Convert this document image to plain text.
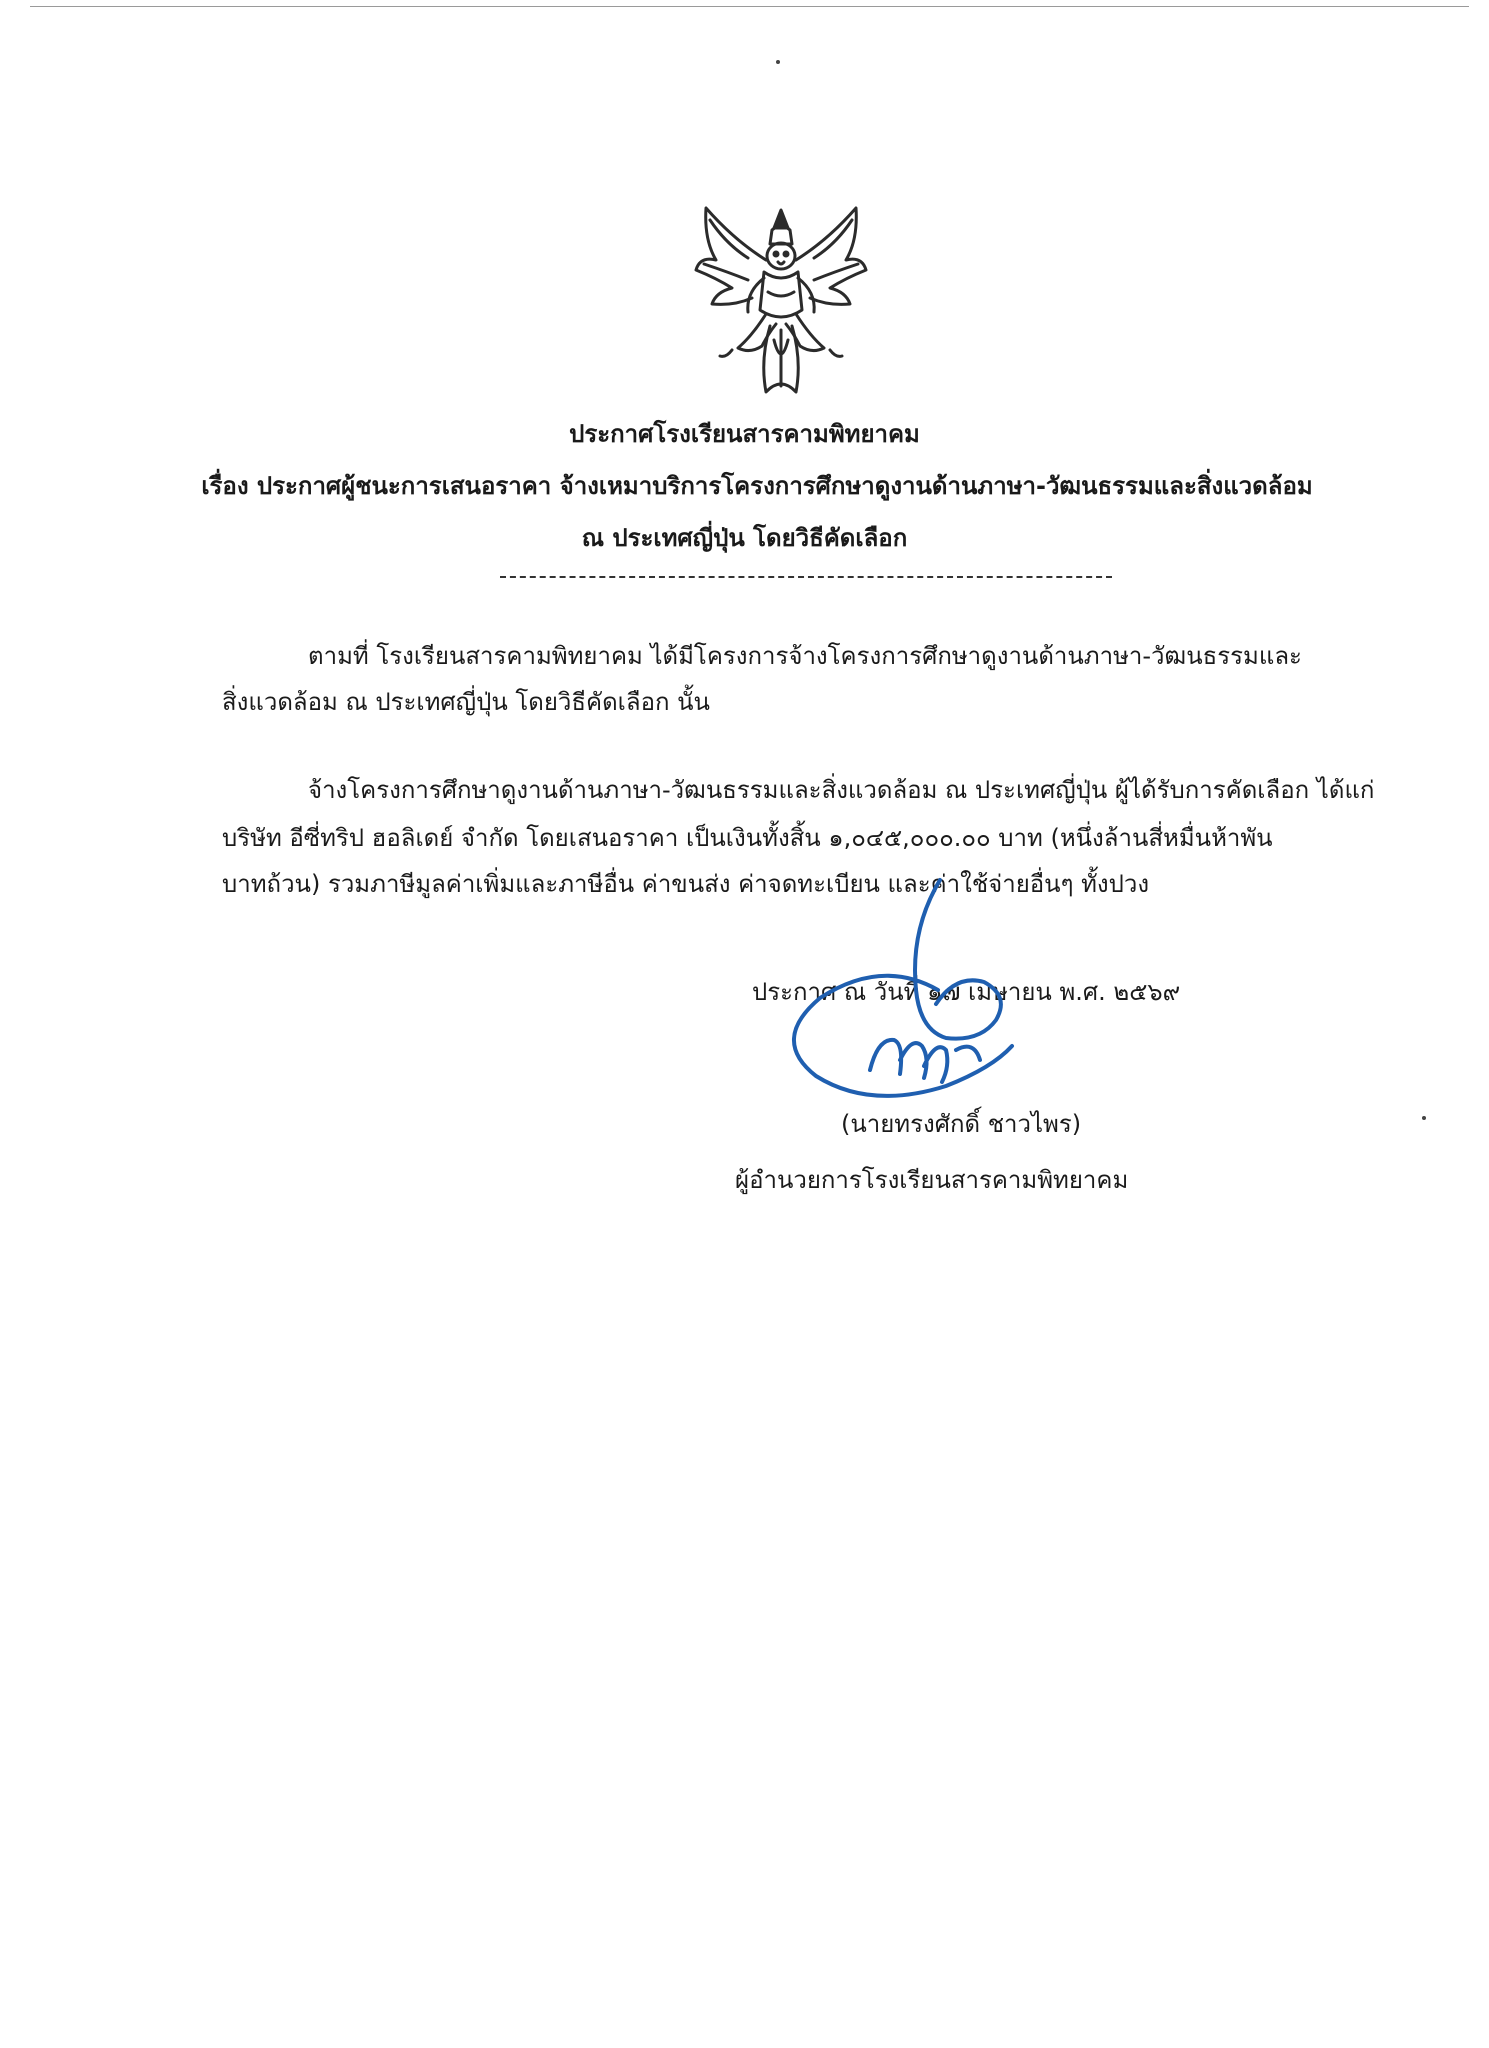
ประกาศโรงเรียนสารคามพิทยาคม
เรื่อง ประกาศผู้ชนะการเสนอราคา จ้างเหมาบริการโครงการศึกษาดูงานด้านภาษา-วัฒนธรรมและสิ่งแวดล้อม
ณ ประเทศญี่ปุ่น โดยวิธีคัดเลือก
ตามที่ โรงเรียนสารคามพิทยาคม ได้มีโครงการจ้างโครงการศึกษาดูงานด้านภาษา-วัฒนธรรมและ
สิ่งแวดล้อม ณ ประเทศญี่ปุ่น โดยวิธีคัดเลือก นั้น
จ้างโครงการศึกษาดูงานด้านภาษา-วัฒนธรรมและสิ่งแวดล้อม ณ ประเทศญี่ปุ่น ผู้ได้รับการคัดเลือก ได้แก่
บริษัท อีซี่ทริป ฮอลิเดย์ จำกัด โดยเสนอราคา เป็นเงินทั้งสิ้น ๑,๐๔๕,๐๐๐.๐๐ บาท (หนึ่งล้านสี่หมื่นห้าพัน
บาทถ้วน) รวมภาษีมูลค่าเพิ่มและภาษีอื่น ค่าขนส่ง ค่าจดทะเบียน และค่าใช้จ่ายอื่นๆ ทั้งปวง
ประกาศ ณ วันที่ ๑๗ เมษายน พ.ศ. ๒๕๖๙
(นายทรงศักดิ์ ชาวไพร)
ผู้อำนวยการโรงเรียนสารคามพิทยาคม
